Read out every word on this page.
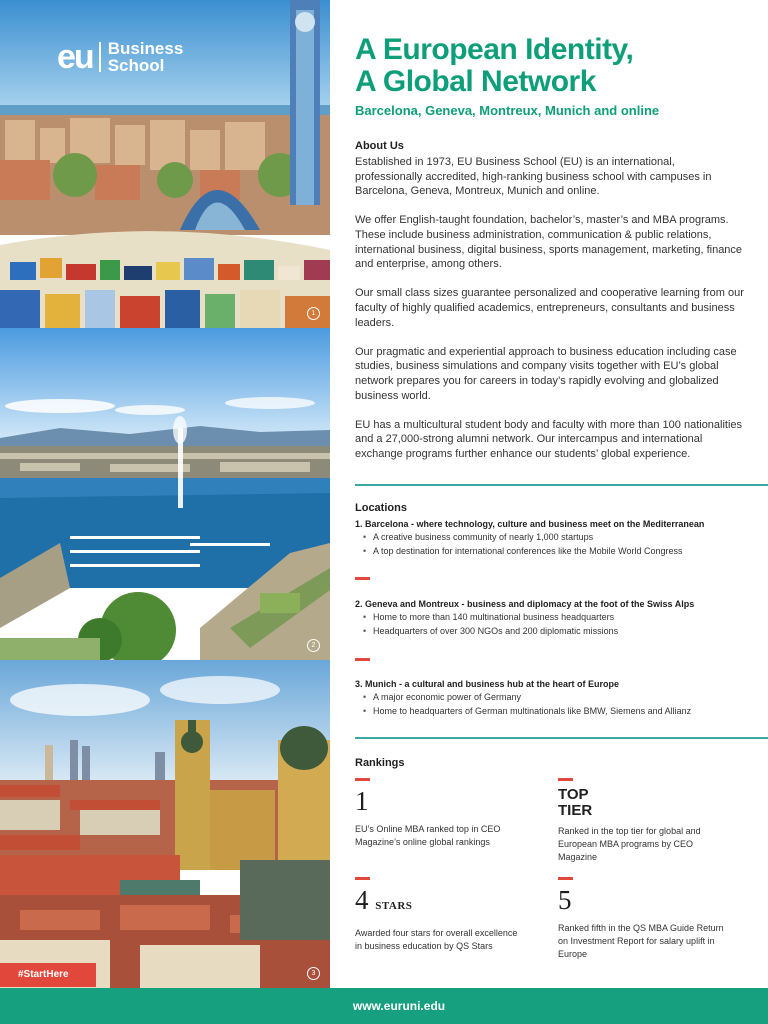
eu Business
School
1
2
3
#StartHere
A European Identity,
A Global Network
Barcelona, Geneva, Montreux, Munich and online
About Us

Established in 1973, EU Business School (EU) is an international, professionally accredited, high-ranking business school with campuses in Barcelona, Geneva, Montreux, Munich and online.

We offer English-taught foundation, bachelor’s, master’s and MBA programs. These include business administration, communication & public relations, international business, digital business, sports management, marketing, finance and enterprise, among others.

Our small class sizes guarantee personalized and cooperative learning from our faculty of highly qualified academics, entrepreneurs, consultants and business leaders.

Our pragmatic and experiential approach to business education including case studies, business simulations and company visits together with EU’s global network prepares you for careers in today’s rapidly evolving and globalized business world.

EU has a multicultural student body and faculty with more than 100 nationalities and a 27,000-strong alumni network. Our intercampus and international exchange programs further enhance our students’ global experience.

Locations
1. Barcelona - where technology, culture and business meet on the Mediterranean
• A creative business community of nearly 1,000 startups
• A top destination for international conferences like the Mobile World Congress
2. Geneva and Montreux - business and diplomacy at the foot of the Swiss Alps
• Home to more than 140 multinational business headquarters
• Headquarters of over 300 NGOs and 200 diplomatic missions
3. Munich - a cultural and business hub at the heart of Europe
• A major economic power of Germany
• Home to headquarters of German multinationals like BMW, Siemens and Allianz
Rankings
1
EU’s Online MBA ranked top in CEO Magazine’s online global rankings
TOP
TIER
Ranked in the top tier for global and European MBA programs by CEO Magazine
4 stars
Awarded four stars for overall excellence in business education by QS Stars
5
Ranked fifth in the QS MBA Guide Return on Investment Report for salary uplift in Europe
www.euruni.edu
